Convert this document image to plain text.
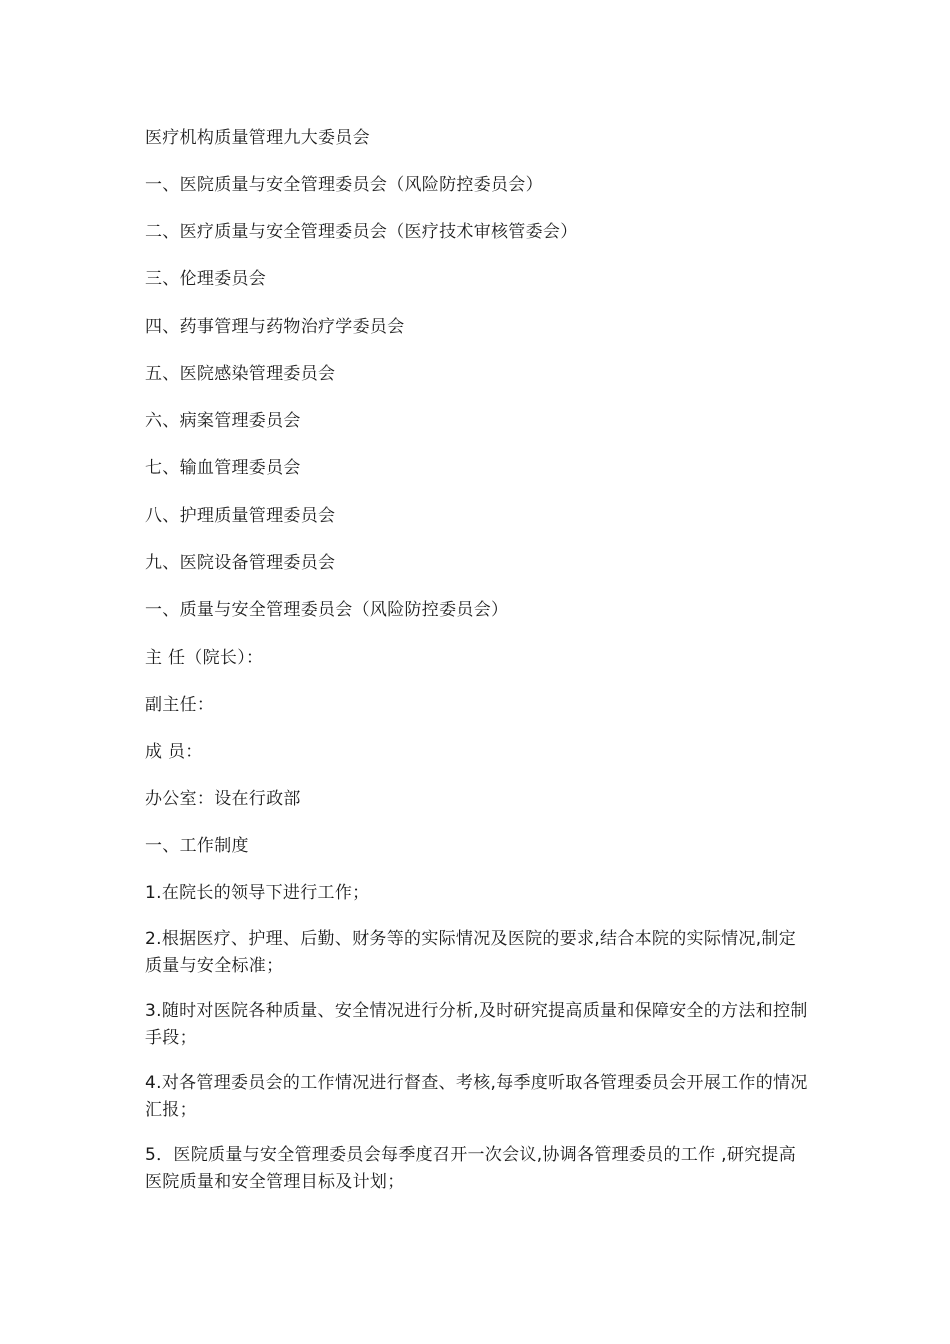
医疗机构质量管理九大委员会
一、医院质量与安全管理委员会（风险防控委员会）
二、医疗质量与安全管理委员会（医疗技术审核管委会）
三、伦理委员会
四、药事管理与药物治疗学委员会
五、医院感染管理委员会
六、病案管理委员会
七、输血管理委员会
八、护理质量管理委员会
九、医院设备管理委员会
一、质量与安全管理委员会（风险防控委员会）
主 任（院长）：
副主任：
成 员：
办公室：设在行政部
一、工作制度
1.在院长的领导下进行工作；
2.根据医疗、护理、后勤、财务等的实际情况及医院的要求,结合本院的实际情况,制定质量与安全标准；
3.随时对医院各种质量、安全情况进行分析,及时研究提高质量和保障安全的方法和控制手段；
4.对各管理委员会的工作情况进行督查、考核,每季度听取各管理委员会开展工作的情况汇报；
5．医院质量与安全管理委员会每季度召开一次会议,协调各管理委员的工作 ,研究提高医院质量和安全管理目标及计划；
